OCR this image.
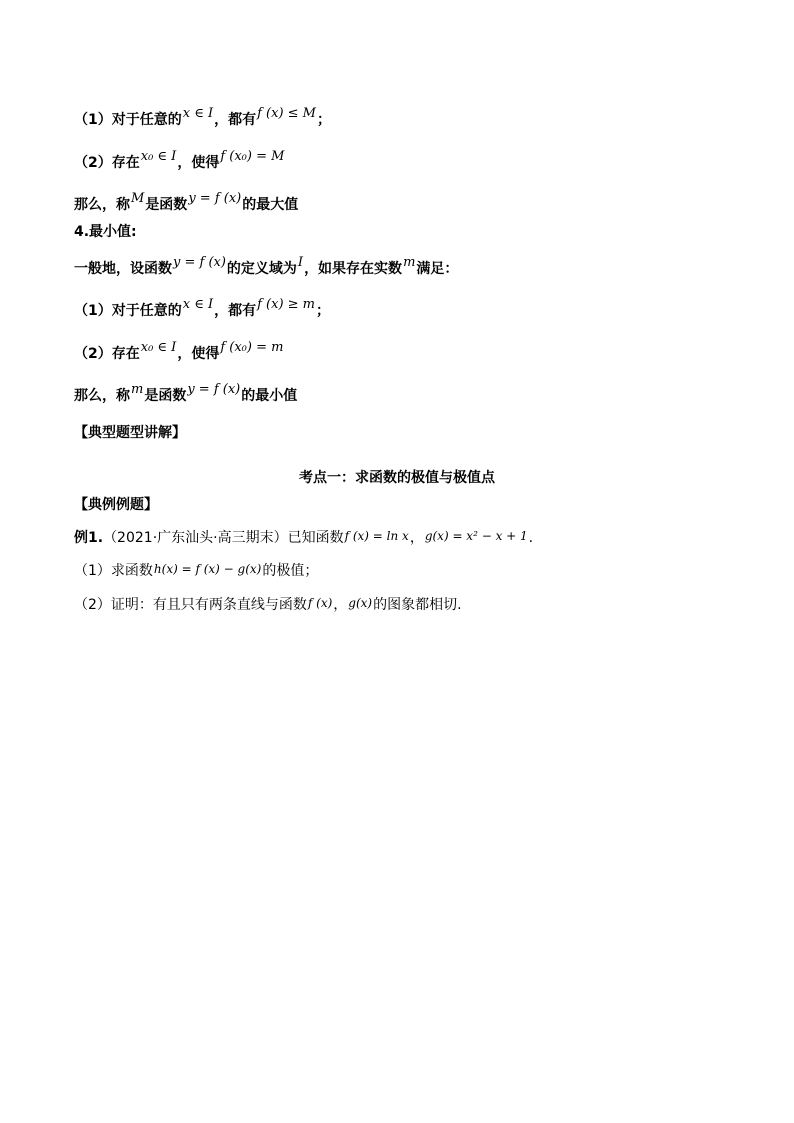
（1）对于任意的x ∈ I，都有f (x) ≤ M；
（2）存在x₀ ∈ I，使得f (x₀) = M
那么，称M是函数y = f (x)的最大值
4.最小值:
一般地，设函数y = f (x)的定义域为I，如果存在实数m满足：
（1）对于任意的x ∈ I，都有f (x) ≥ m；
（2）存在x₀ ∈ I，使得f (x₀) = m
那么，称m是函数y = f (x)的最小值
【典型题型讲解】
考点一：求函数的极值与极值点
【典例例题】
例1.（2021·广东汕头·高三期末）已知函数f (x) = ln x，g(x) = x² − x + 1.
（1）求函数h(x) = f (x) − g(x)的极值；
（2）证明：有且只有两条直线与函数f (x)，g(x)的图象都相切.
